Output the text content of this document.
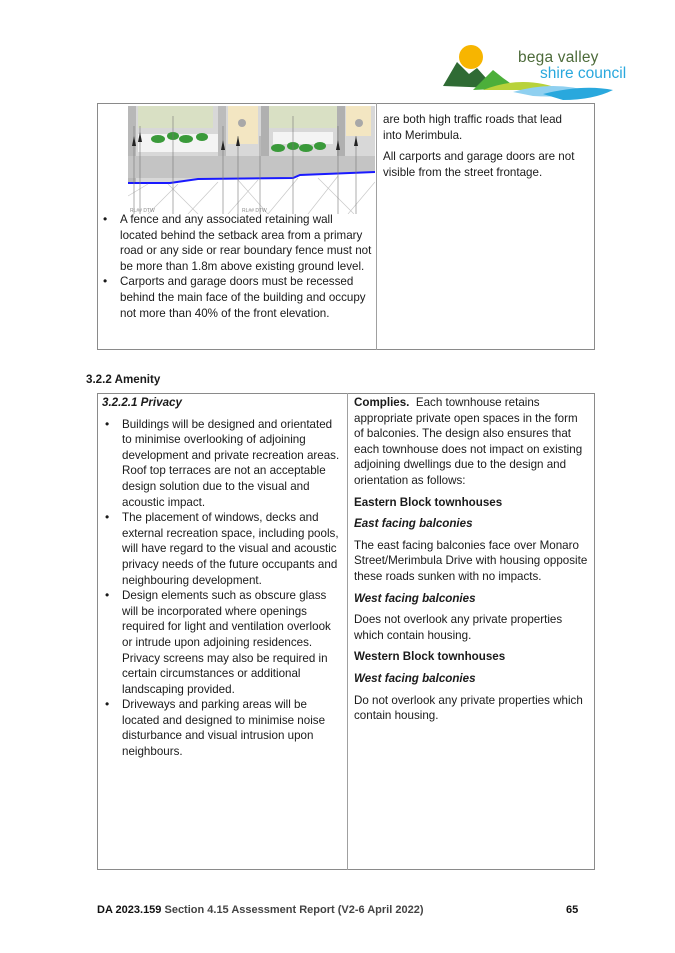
bega valley
shire council
RL## DTW	RL## DTW
• A fence and any associated retaining wall located behind the setback area from a primary road or any side or rear boundary fence must not be more than 1.8m above existing ground level.
• Carports and garage doors must be recessed behind the main face of the building and occupy not more than 40% of the front elevation.

are both high traffic roads that lead into Merimbula.

All carports and garage doors are not visible from the street frontage.

3.2.2 Amenity
3.2.2.1 Privacy
• Buildings will be designed and orientated to minimise overlooking of adjoining development and private recreation areas. Roof top terraces are not an acceptable design solution due to the visual and acoustic impact.
• The placement of windows, decks and external recreation space, including pools, will have regard to the visual and acoustic privacy needs of the future occupants and neighbouring development.
• Design elements such as obscure glass will be incorporated where openings required for light and ventilation overlook or intrude upon adjoining residences. Privacy screens may also be required in certain circumstances or additional landscaping provided.
• Driveways and parking areas will be located and designed to minimise noise disturbance and visual intrusion upon neighbours.

Complies. Each townhouse retains appropriate private open spaces in the form of balconies. The design also ensures that each townhouse does not impact on existing adjoining dwellings due to the design and orientation as follows:

Eastern Block townhouses

East facing balconies

The east facing balconies face over Monaro Street/Merimbula Drive with housing opposite these roads sunken with no impacts.

West facing balconies

Does not overlook any private properties which contain housing.

Western Block townhouses

West facing balconies

Do not overlook any private properties which contain housing.

DA 2023.159 Section 4.15 Assessment Report (V2-6 April 2022)	65
